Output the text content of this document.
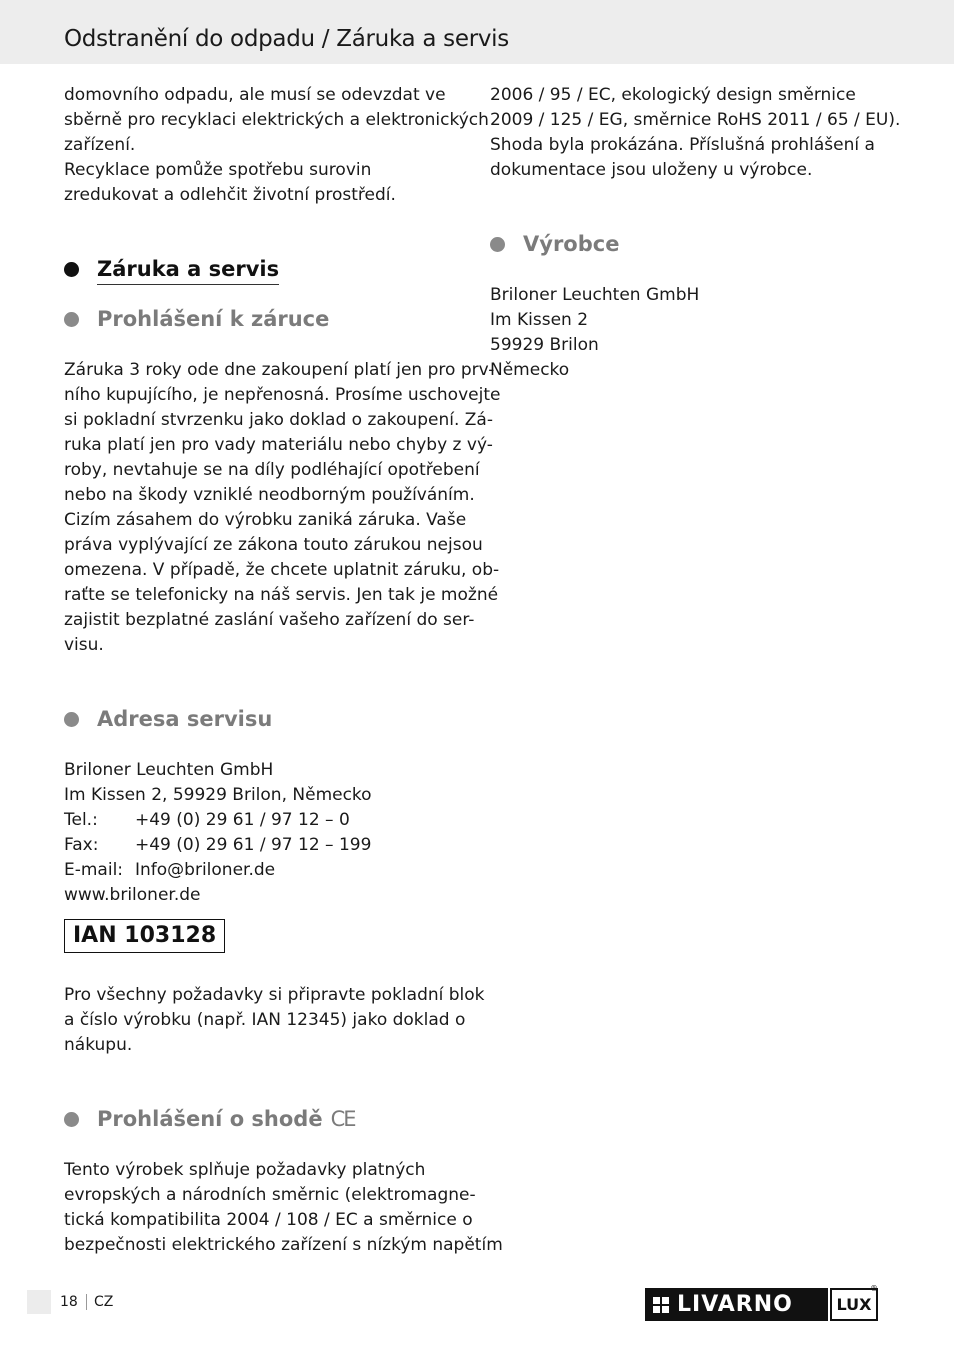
Odstranění do odpadu / Záruka a servis

domovního odpadu, ale musí se odevzdat ve
sběrně pro recyklaci elektrických a elektronických
zařízení.
Recyklace pomůže spotřebu surovin
zredukovat a odlehčit životní prostředí.

Záruka a servis
Prohlášení k záruce
Záruka 3 roky ode dne zakoupení platí jen pro prv-
ního kupujícího, je nepřenosná. Prosíme uschovejte
si pokladní stvrzenku jako doklad o zakoupení. Zá-
ruka platí jen pro vady materiálu nebo chyby z vý-
roby, nevtahuje se na díly podléhající opotřebení
nebo na škody vzniklé neodborným používáním.
Cizím zásahem do výrobku zaniká záruka. Vaše
práva vyplývající ze zákona touto zárukou nejsou
omezena. V případě, že chcete uplatnit záruku, ob-
raťte se telefonicky na náš servis. Jen tak je možné
zajistit bezplatné zaslání vašeho zařízení do ser-
visu.
Adresa servisu
Briloner Leuchten GmbH
Im Kissen 2, 59929 Brilon, Německo
Tel.: +49 (0) 29 61 / 97 12 – 0
Fax: +49 (0) 29 61 / 97 12 – 199
E-mail: Info@briloner.de
www.briloner.de
IAN 103128
Pro všechny požadavky si připravte pokladní blok
a číslo výrobku (např. IAN 12345) jako doklad o
nákupu.
Prohlášení o shodě CE
Tento výrobek splňuje požadavky platných
evropských a národních směrnic (elektromagne-
tická kompatibilita 2004 / 108 / EC a směrnice o
bezpečnosti elektrického zařízení s nízkým napětím
2006 / 95 / EC, ekologický design směrnice
2009 / 125 / EG, směrnice RoHS 2011 / 65 / EU).
Shoda byla prokázána. Příslušná prohlášení a
dokumentace jsou uloženy u výrobce.
Výrobce
Briloner Leuchten GmbH
Im Kissen 2
59929 Brilon
Německo
18	CZ	LIVARNO	LUX
®
